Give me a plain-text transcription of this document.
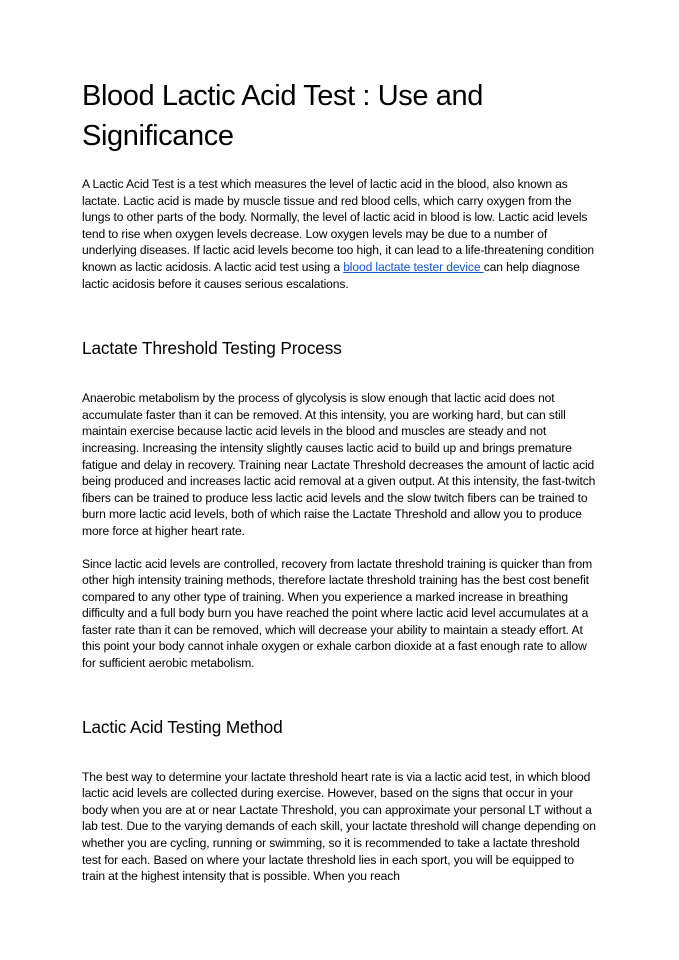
Blood Lactic Acid Test : Use and Significance

A Lactic Acid Test is a test which measures the level of lactic acid in the blood, also known as lactate. Lactic acid is made by muscle tissue and red blood cells, which carry oxygen from the lungs to other parts of the body. Normally, the level of lactic acid in blood is low. Lactic acid levels tend to rise when oxygen levels decrease. Low oxygen levels may be due to a number of underlying diseases. If lactic acid levels become too high, it can lead to a life-threatening condition known as lactic acidosis. A lactic acid test using a blood lactate tester device can help diagnose lactic acidosis before it causes serious escalations.

Lactate Threshold Testing Process

Anaerobic metabolism by the process of glycolysis is slow enough that lactic acid does not accumulate faster than it can be removed. At this intensity, you are working hard, but can still maintain exercise because lactic acid levels in the blood and muscles are steady and not increasing. Increasing the intensity slightly causes lactic acid to build up and brings premature fatigue and delay in recovery. Training near Lactate Threshold decreases the amount of lactic acid being produced and increases lactic acid removal at a given output. At this intensity, the fast-twitch fibers can be trained to produce less lactic acid levels and the slow twitch fibers can be trained to burn more lactic acid levels, both of which raise the Lactate Threshold and allow you to produce more force at higher heart rate.

Since lactic acid levels are controlled, recovery from lactate threshold training is quicker than from other high intensity training methods, therefore lactate threshold training has the best cost benefit compared to any other type of training. When you experience a marked increase in breathing difficulty and a full body burn you have reached the point where lactic acid level accumulates at a faster rate than it can be removed, which will decrease your ability to maintain a steady effort. At this point your body cannot inhale oxygen or exhale carbon dioxide at a fast enough rate to allow for sufficient aerobic metabolism.

Lactic Acid Testing Method

The best way to determine your lactate threshold heart rate is via a lactic acid test, in which blood lactic acid levels are collected during exercise. However, based on the signs that occur in your body when you are at or near Lactate Threshold, you can approximate your personal LT without a lab test. Due to the varying demands of each skill, your lactate threshold will change depending on whether you are cycling, running or swimming, so it is recommended to take a lactate threshold test for each. Based on where your lactate threshold lies in each sport, you will be equipped to train at the highest intensity that is possible. When you reach
